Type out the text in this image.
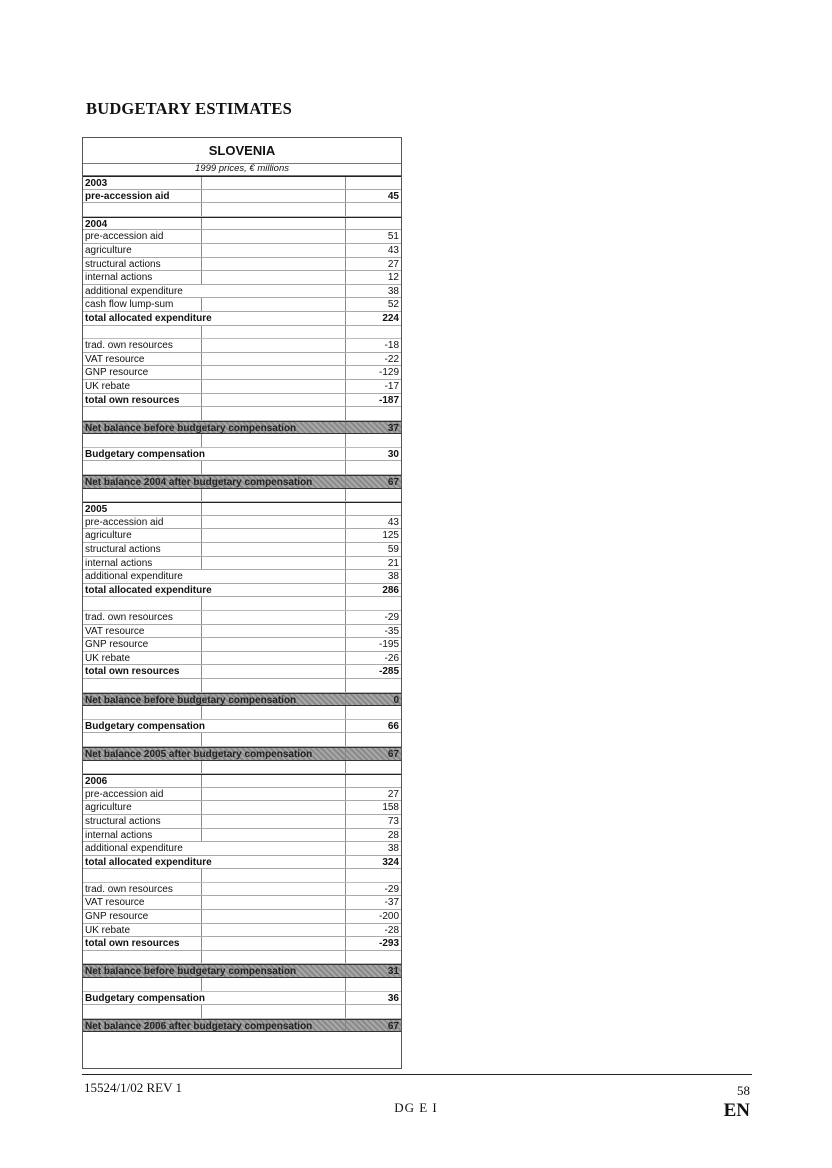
BUDGETARY ESTIMATES
SLOVENIA
1999 prices, € millions
2003
pre-accession aid	45
2004
pre-accession aid	51
agriculture	43
structural actions	27
internal actions	12
additional expenditure	38
cash flow lump-sum	52
total allocated expenditure	224
trad. own resources	-18
VAT resource	-22
GNP resource	-129
UK rebate	-17
total own resources	-187
Net balance before budgetary compensation	37
Budgetary compensation	30
Net balance 2004 after budgetary compensation	67
2005
pre-accession aid	43
agriculture	125
structural actions	59
internal actions	21
additional expenditure	38
total allocated expenditure	286
trad. own resources	-29
VAT resource	-35
GNP resource	-195
UK rebate	-26
total own resources	-285
Net balance before budgetary compensation	0
Budgetary compensation	66
Net balance 2005 after budgetary compensation	67
2006
pre-accession aid	27
agriculture	158
structural actions	73
internal actions	28
additional expenditure	38
total allocated expenditure	324
trad. own resources	-29
VAT resource	-37
GNP resource	-200
UK rebate	-28
total own resources	-293
Net balance before budgetary compensation	31
Budgetary compensation	36
Net balance 2006 after budgetary compensation	67
15524/1/02 REV 1	58
DG E I	EN
